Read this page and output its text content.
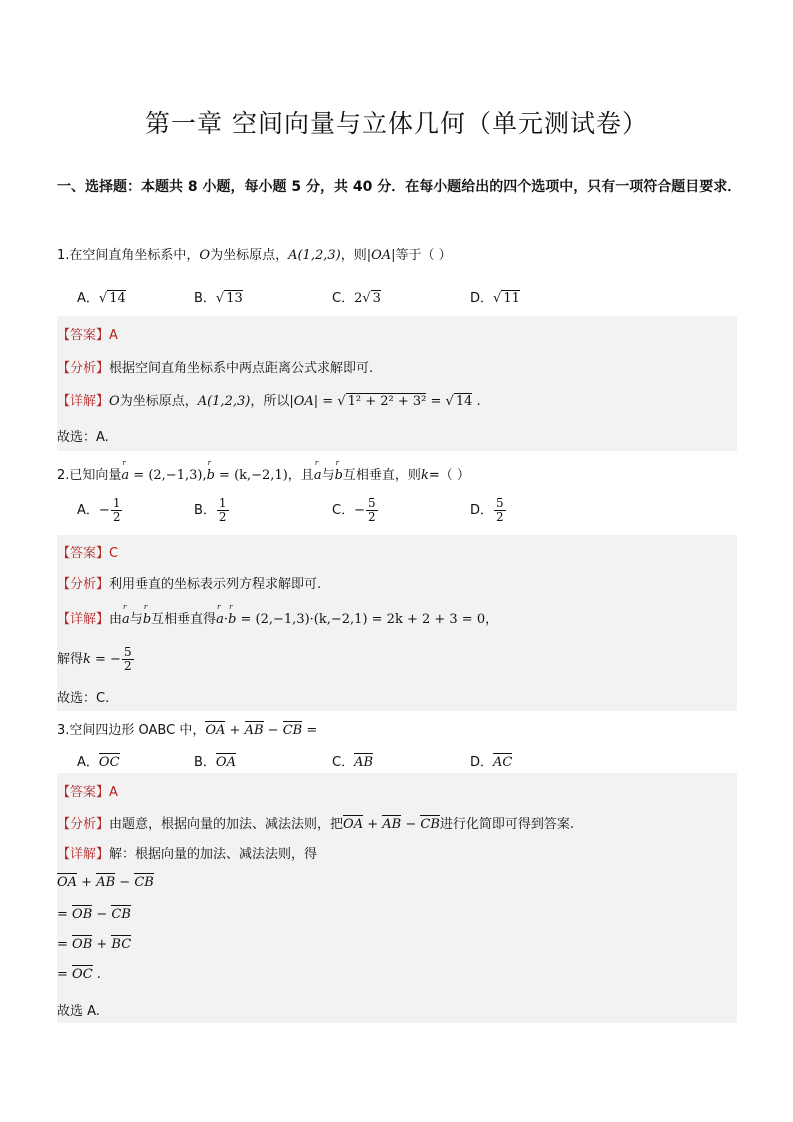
第一章 空间向量与立体几何（单元测试卷）
一、选择题：本题共 8 小题，每小题 5 分，共 40 分．在每小题给出的四个选项中，只有一项符合题目要求．
1.在空间直角坐标系中，O为坐标原点，A(1,2,3)，则|OA|等于（ ）
A．√ 14	B．√ 13	C．2√ 3	D．√ 11
【答案】A
【分析】根据空间直角坐标系中两点距离公式求解即可.
【详解】O为坐标原点，A(1,2,3)，所以|OA| = √ 1² + 2² + 3² = √ 14 .
故选：A.
2.已知向量r a = (2,−1,3),r b = (k,−2,1)，且r a与r b互相垂直，则k=（ ）
A．− $\frac{1}{2}$	B． $\frac{1}{2}$	C．− $\frac{5}{2}$	D． $\frac{5}{2}$
【答案】C
【分析】利用垂直的坐标表示列方程求解即可.
【详解】由r a与r b互相垂直得r a·r b = (2,−1,3)·(k,−2,1) = 2k + 2 + 3 = 0，
解得k = − $\frac{5}{2}$
故选：C.
3.空间四边形 OABC 中，OA + AB − CB =
A．OC	B．OA	C．AB	D．AC
【答案】A
【分析】由题意，根据向量的加法、减法法则，把OA + AB − CB进行化简即可得到答案.
【详解】解：根据向量的加法、减法法则，得
OA + AB − CB
= OB − CB
= OB + BC
= OC .
故选 A.
